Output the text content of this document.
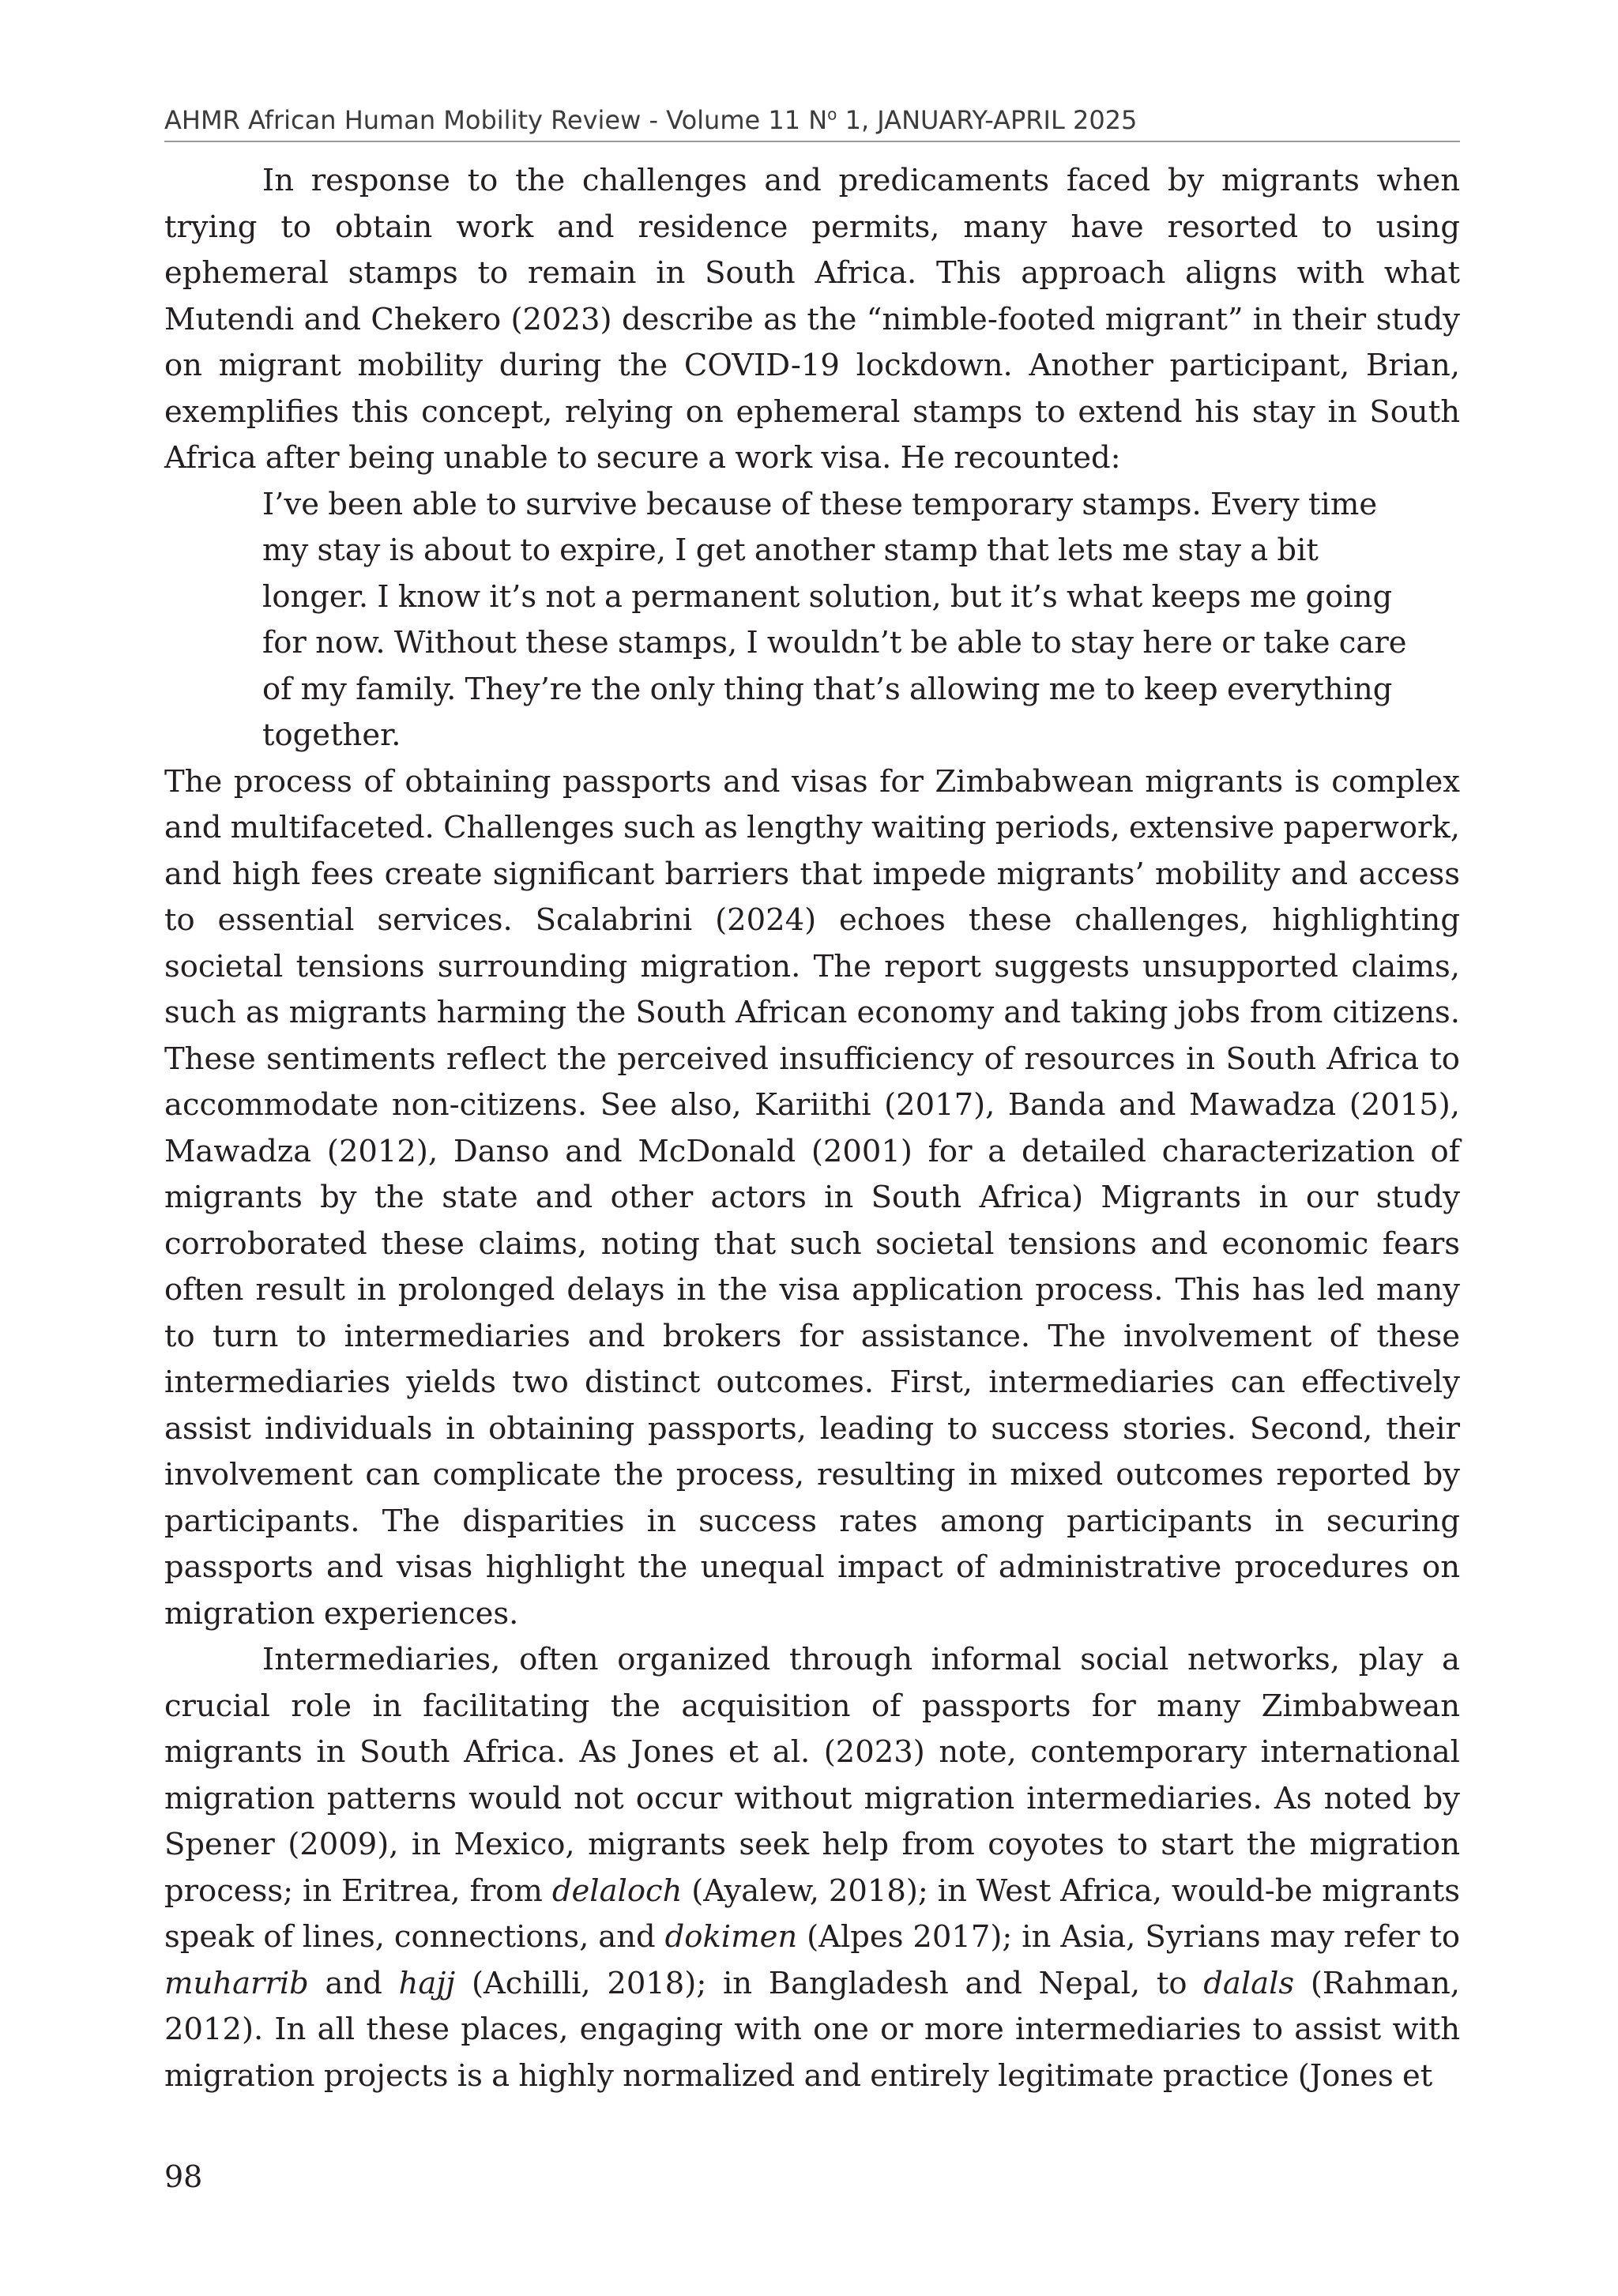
AHMR African Human Mobility Review - Volume 11 $N^o$ 1, JANUARY-APRIL 2025

In response to the challenges and predicaments faced by migrants when trying to obtain work and residence permits, many have resorted to using ephemeral stamps to remain in South Africa. This approach aligns with what Mutendi and Chekero (2023) describe as the “nimble-footed migrant” in their study on migrant mobility during the COVID-19 lockdown. Another participant, Brian, exemplifies this concept, relying on ephemeral stamps to extend his stay in South Africa after being unable to secure a work visa. He recounted:

I’ve been able to survive because of these temporary stamps. Every time my stay is about to expire, I get another stamp that lets me stay a bit longer. I know it’s not a permanent solution, but it’s what keeps me going for now. Without these stamps, I wouldn’t be able to stay here or take care of my family. They’re the only thing that’s allowing me to keep everything together.

The process of obtaining passports and visas for Zimbabwean migrants is complex and multifaceted. Challenges such as lengthy waiting periods, extensive paperwork, and high fees create significant barriers that impede migrants’ mobility and access to essential services. Scalabrini (2024) echoes these challenges, highlighting societal tensions surrounding migration. The report suggests unsupported claims, such as migrants harming the South African economy and taking jobs from citizens. These sentiments reflect the perceived insufficiency of resources in South Africa to accommodate non-citizens. See also, Kariithi (2017), Banda and Mawadza (2015), Mawadza (2012), Danso and McDonald (2001) for a detailed characterization of migrants by the state and other actors in South Africa) Migrants in our study corroborated these claims, noting that such societal tensions and economic fears often result in prolonged delays in the visa application process. This has led many to turn to intermediaries and brokers for assistance. The involvement of these intermediaries yields two distinct outcomes. First, intermediaries can effectively assist individuals in obtaining passports, leading to success stories. Second, their involvement can complicate the process, resulting in mixed outcomes reported by participants. The disparities in success rates among participants in securing passports and visas highlight the unequal impact of administrative procedures on migration experiences.

Intermediaries, often organized through informal social networks, play a crucial role in facilitating the acquisition of passports for many Zimbabwean migrants in South Africa. As Jones et al. (2023) note, contemporary international migration patterns would not occur without migration intermediaries. As noted by Spener (2009), in Mexico, migrants seek help from coyotes to start the migration process; in Eritrea, from delaloch (Ayalew, 2018); in West Africa, would-be migrants speak of lines, connections, and dokimen (Alpes 2017); in Asia, Syrians may refer to muharrib and hajj (Achilli, 2018); in Bangladesh and Nepal, to dalals (Rahman, 2012). In all these places, engaging with one or more intermediaries to assist with migration projects is a highly normalized and entirely legitimate practice (Jones et

98
